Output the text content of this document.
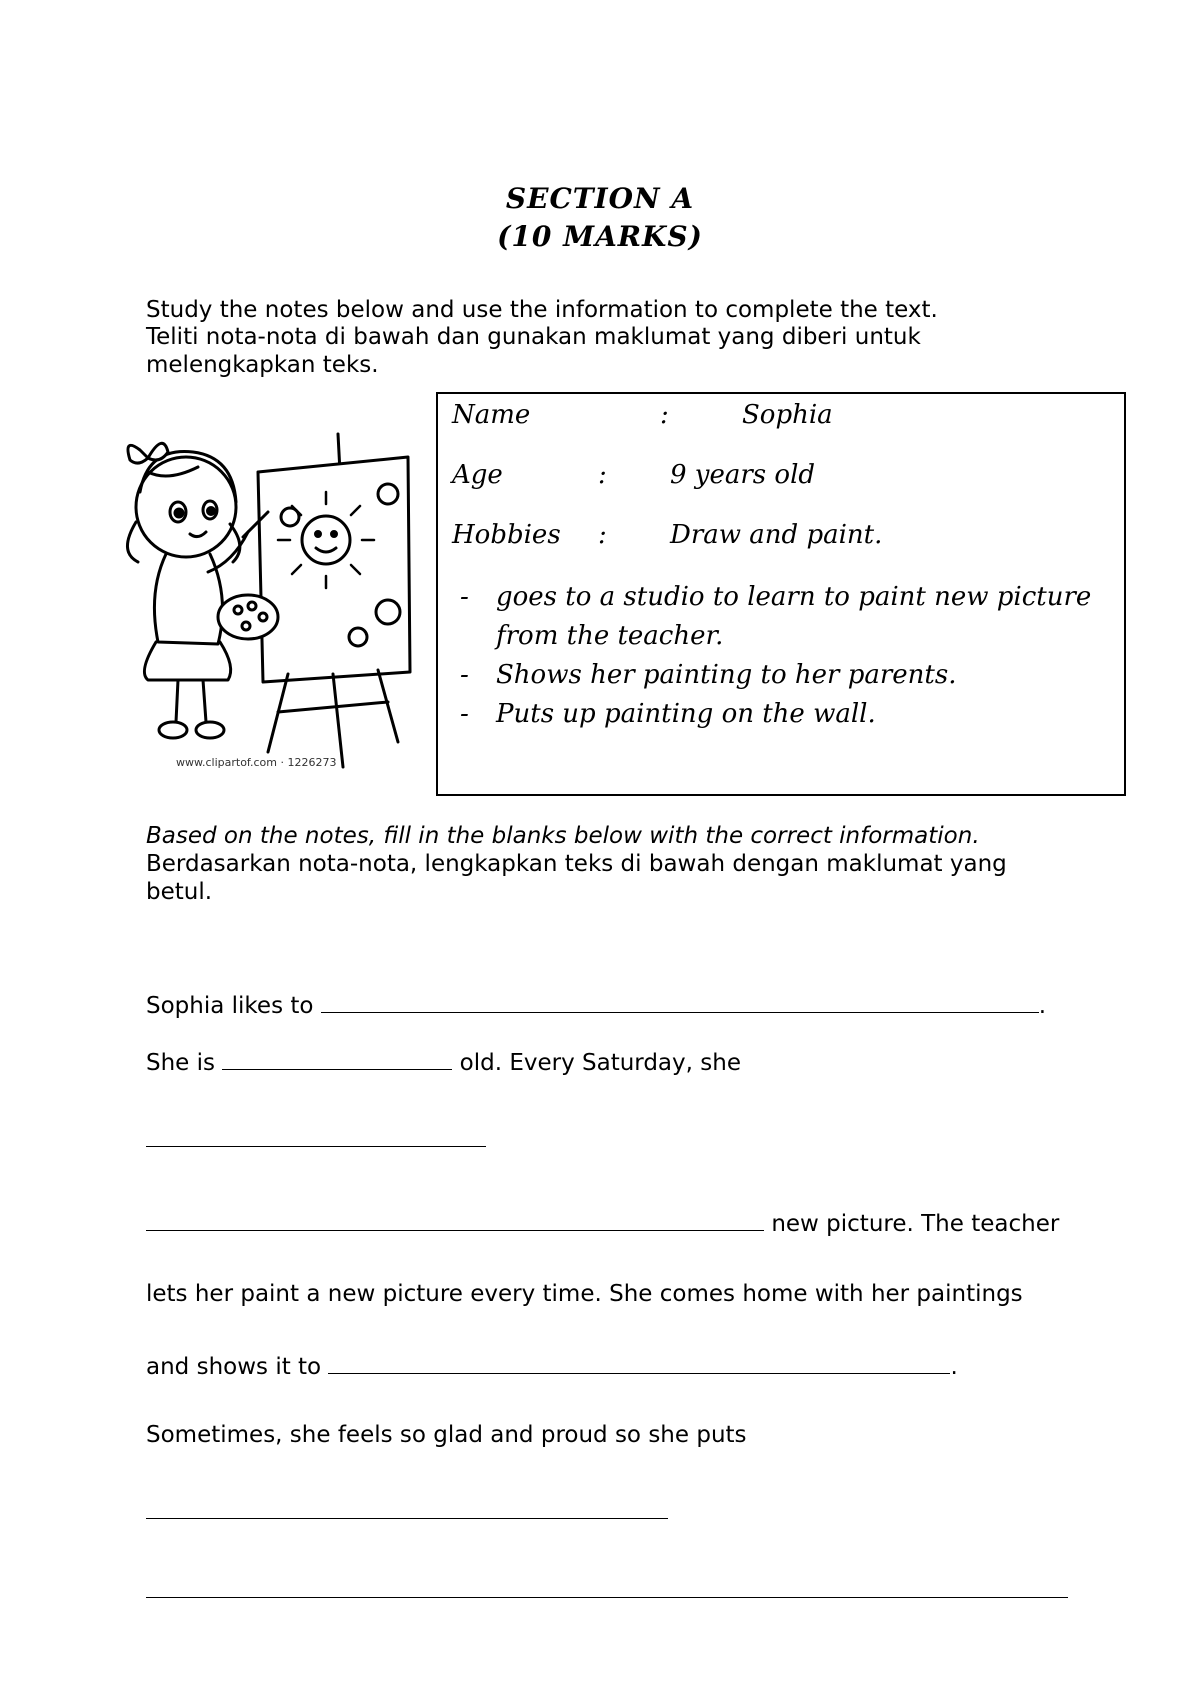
SECTION A
(10 MARKS)
Study the notes below and use the information to complete the text.
Teliti nota-nota di bawah dan gunakan maklumat yang diberi untuk
melengkapkan teks.
www.clipartof.com · 1226273
Name	:	Sophia
Age	: 9 years old
Hobbies : Draw and paint.
- goes to a studio to learn to paint new picture from the teacher.
- Shows her painting to her parents.
- Puts up painting on the wall.
Based on the notes, fill in the blanks below with the correct information.
Berdasarkan nota-nota, lengkapkan teks di bawah dengan maklumat yang
betul.
Sophia likes to	.
She is	old. Every Saturday, she
new picture. The teacher
lets her paint a new picture every time. She comes home with her paintings
and shows it to	.
Sometimes, she feels so glad and proud so she puts
